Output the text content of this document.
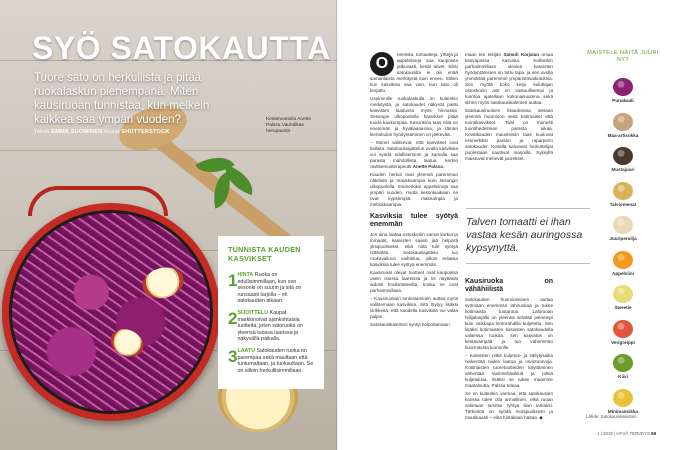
SYÖ SATOKAUTTA

Tuore sato on herkullista ja pitää ruokalaskun pienempänä. Miten kausiruoan tunnistaa, kun melkein kaikkea saa ympäri vuoden?

Teksti EMMA SUOMINEN Kuvat SHUTTERSTOCK

Kesämuotoilla Anette Palssa Vauhdikas herupausta

TUNNISTA KAUDEN KASVIKSET
1 HINTA Ruoka on edullisimmillaan, kun sen sesonki on suurin ja sitä on runsaasti tarjolla – eli satokauden aikaan.
2 SIJOITTELU Kaupat markkinoivat ajankohtaisia tuotteita, joten satoruoka on yleensä tuossa laarissa ja näkyvällä paikalla.
3 LAATU Satokauden ruoka on parempaa sekä maultaan että tuntumaltaan, ja tuoksultaan. Se on silloin herkullisimmillaan.

O
nemista, tomaatteja, yrttejä ja appelsiineja saa kaupoista jatkuvasti, kesät talvet. Siksi satokausilla ei ole enää samanlaista merkitystä kuin ennen. Silloin kun kasviksia saa vain, kun sato oli korjattu.

Useimmille ruokalaskulla on kuitenkin merkitystä, ja satokaudet näkyvät paitsi kasvisten laadussa myös hinnassa. Sesongin ulkopuolella kasvikset pitää tuoda kaukompaa. Sesonkina taas niitä on enemmän ja hyvälaatuisina, ja tämän kiertokulun hyödyntäminen on järkevää.

– Monet valitsevat, että kasvikset ovat kallista. Satokausiajattelun avulla kasviksia voi syödä edullisemmin ja samalla saa parasta mahdollista laatua, kertoo ravitsemusterapeutti Anette Palssa.

Kauden herkut ovat yleensä paremman näköisiä ja maukkaampia kuin sesongin ulkopuolella. Esimerkiksi appelsiineja saa ympäri vuoden, mutta sesonkiaikaan ne ovat kypsempiä, makeampia ja mehukkaampia.

Kasviksia tulee syötyä enemmän

Jos aina laittaa ostoskoriin samat kurkut ja tomaatit, kasvisten saanti jää helposti yksipuoliseksi, eikä niitä tule syötyä riittävästi. Satokausiajattelu tuo ruokavalioon vaihtelua, jolloin erilaisia kasviksia tulee syötyä enemmän.

Kausiruoat olevat tuotteet ovat kaupoissa usein isoissa laareissa ja ne näyttävät aidosti houkuttelevilta, koska ne ovat parhaimmillaan.

– Kausiruokien tunnistaminen auttaa myös valitsemaan kasviksia. Sitä löytyy lisäksi virikkeitä, että kaudella kasviksia voi valita paljon.

Satokausikalenteri syntyi helpottamaan

maan ten tekijän Samuli Karjalan omaa kasvapassa kasvista. Kulloinkin parhaimmillaan olevien kasvisten hyödyntäminen on tuttu tapa, ja sen avulla ymmärtää paremmin ympäristövaikutuksia. Sen myötä koko ketju kuluttajan ostoskoriin asti on vastuullisempi ja luontoa ajatellaan kokonaisuutena sekä siihen myös satokausikalenteri auttaa.

Satokausiruokien listauksissa otetaan yleensä huomioon sekä kotimaiset että tuontikasvikset. Talvi on monesti tuontihedelmien parasta aikaa. Kevätkauden mausteisiin taas kuuluvat esimerkiksi parsan ja raparperin satokaudet. Kesällä kasvavat herkuttelijat puolestaan nauttivat marjoilla. Syksyllä maistuvat mehevät juurekset.

Talven tomaatti ei ihan vastaa kesän auringossa kypsynyttä.
Kausiruoka on vähähiilistä

Satokauden huomioiminen auttaa syömään enemmän lähiruokaa ja tukee kotimaista tuotantoa. Lähiruoan hiilijalanjälki on yleensä selvästi pienempi kuin vaikkapa lentorahdilla kuljetettu. Sen lisäksi kotimaisten kasvisten satokaudella valitessa ruokaa, sen kasvatus on kestävämpää ja tuo vähemmän kuormitusta luonnolle.

– Kasvisten pitkä kuljetus- ja säilytysaika heikentää niiden laatua ja ravintoarvoja. Kotimaisten tuoretuotteiden käyttäminen vähentää ravinnehävikkiä ja pitkiä kuljetuksia, lisäksi se tukee maamme maataloutta, Palssa toteaa.

Se on kuitenkin varmaa, että satokausien kanssa tulee olla armollinen, eikä ruoan valintaan tarvitse ryhtyä liian tarkaksi. Tärkeintä on syödä monipuolisesti ja maukkaasti – eikä hintakaan haitaa. ◆

MAISTELE NÄITÄ JUURI NYT
Punakaali
Maa-artisokka
Mustajuuri
Talviomenat
Juuripersilja
Appelsiini
Sweetie
Verigreippi
Kiivi
Minimansikka

Lähde: Satokausikalenteri

1 | 2019 | HYVÄ TERVEYS 69
